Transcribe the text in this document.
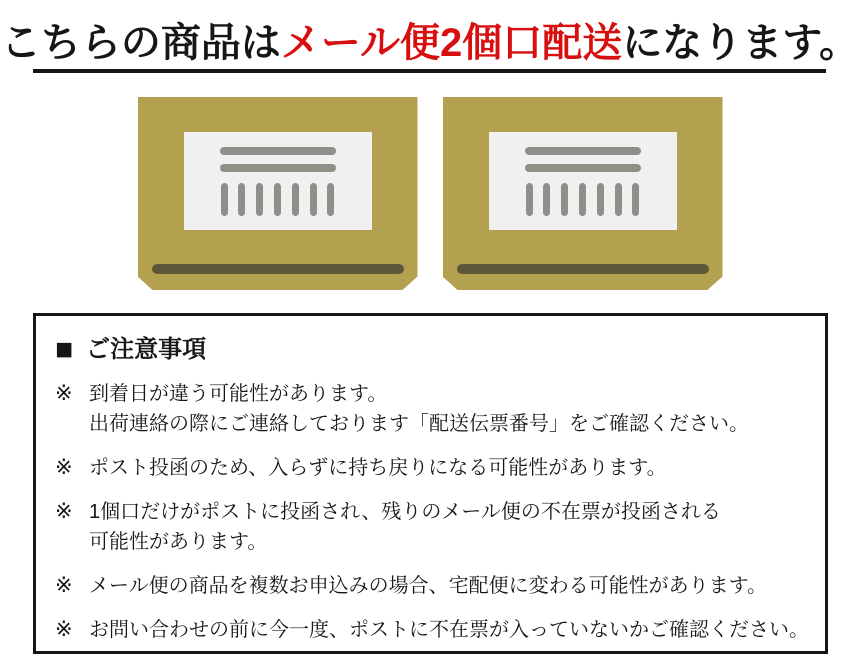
こちらの商品はメール便2個口配送になります。
■ ご注意事項
※ 到着日が違う可能性があります。
出荷連絡の際にご連絡しております「配送伝票番号」をご確認ください。
※ ポスト投函のため、入らずに持ち戻りになる可能性があります。
※ 1個口だけがポストに投函され、残りのメール便の不在票が投函される
可能性があります。
※ メール便の商品を複数お申込みの場合、宅配便に変わる可能性があります。
※ お問い合わせの前に今一度、ポストに不在票が入っていないかご確認ください。
